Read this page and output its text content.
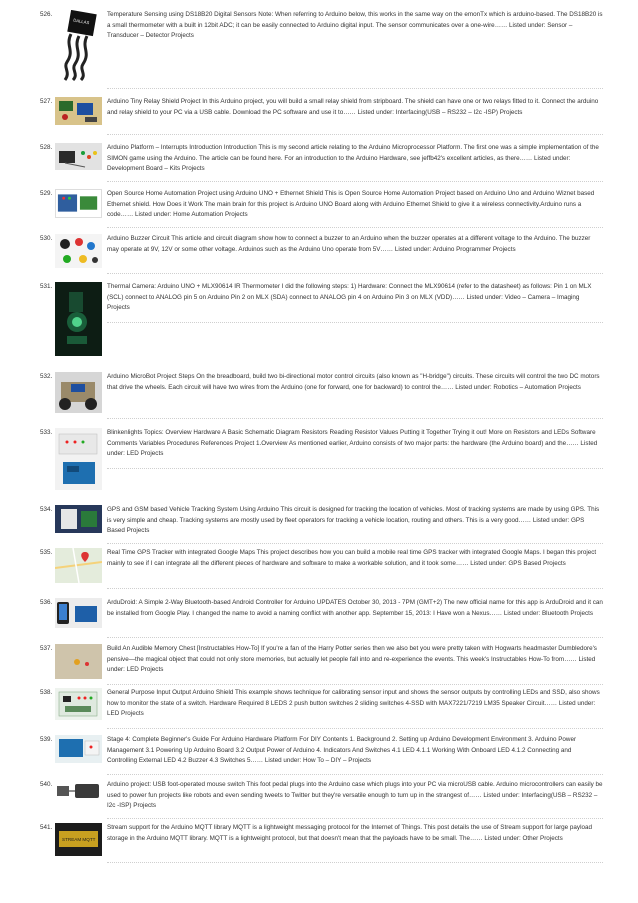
526.
DALLAS
Temperature Sensing using DS18B20 Digital Sensors Note: When referring to Arduino below, this works in the same way on the emonTx which is arduino-based. The DS18B20 is a small thermometer with a built in 12bit ADC; it can be easily connected to Arduino digital input. The sensor communicates over a one-wire…… Listed under: Sensor – Transducer – Detector Projects
527.	Arduino Tiny Relay Shield Project In this Arduino project, you will build a small relay shield from stripboard. The shield can have one or two relays fitted to it. Connect the arduino and relay shield to your PC via a USB cable. Download the PC software and use it to…… Listed under: Interfacing(USB – RS232 – I2c -ISP) Projects
528.	Arduino Platform – Interrupts Introduction Introduction This is my second article relating to the Arduino Microprocessor Platform. The first one was a simple implementation of the SIMON game using the Arduino. The article can be found here. For an introduction to the Arduino Hardware, see jeffb42's excellent articles, as there…… Listed under: Development Board – Kits Projects
529.	Open Source Home Automation Project using Arduino UNO + Ethernet Shield This is Open Source Home Automation Project based on Arduino Uno and Arduino Wiznet based Ethernet shield. How Does it Work The main brain for this project is Arduino UNO Board along with Arduino Ethernet Shield to give it a wireless connectivity.Arduino runs a code…… Listed under: Home Automation Projects
530.	Arduino Buzzer Circuit This article and circuit diagram show how to connect a buzzer to an Arduino when the buzzer operates at a different voltage to the Arduino. The buzzer may operate at 9V, 12V or some other voltage. Arduinos such as the Arduino Uno operate from 5V…… Listed under: Arduino Programmer Projects
531.	Thermal Camera: Arduino UNO + MLX90614 IR Thermometer I did the following steps: 1) Hardware: Connect the MLX90614 (refer to the datasheet) as follows: Pin 1 on MLX (SCL) connect to ANALOG pin 5 on Arduino Pin 2 on MLX (SDA) connect to ANALOG pin 4 on Arduino Pin 3 on MLX (VDD)…… Listed under: Video – Camera – Imaging Projects
532.	Arduino MicroBot Project Steps On the breadboard, build two bi-directional motor control circuits (also known as "H-bridge") circuits. These circuits will control the two DC motors that drive the wheels. Each circuit will have two wires from the Arduino (one for forward, one for backward) to control the…… Listed under: Robotics – Automation Projects
533.	Blinkenlights Topics: Overview Hardware A Basic Schematic Diagram Resistors Reading Resistor Values Putting it Together Trying it out! More on Resistors and LEDs Software Comments Variables Procedures References Project 1.Overview As mentioned earlier, Arduino consists of two major parts: the hardware (the Arduino board) and the…… Listed under: LED Projects
534.	GPS and GSM based Vehicle Tracking System Using Arduino This circuit is designed for tracking the location of vehicles. Most of tracking systems are made by using GPS. This is very simple and cheap. Tracking systems are mostly used by fleet operators for tracking a vehicle location, routing and others. This is a very good…… Listed under: GPS Based Projects
535.	Real Time GPS Tracker with integrated Google Maps This project describes how you can build a mobile real time GPS tracker with integrated Google Maps. I began this project mainly to see if I can integrate all the different pieces of hardware and software to make a workable solution, and it took some…… Listed under: GPS Based Projects
536.	ArduDroid: A Simple 2-Way Bluetooth-based Android Controller for Arduino UPDATES October 30, 2013 - 7PM (GMT+2) The new official name for this app is ArduDroid and it can be installed from Google Play. I changed the name to avoid a naming conflict with another app. September 15, 2013: I Have won a Nexus…… Listed under: Bluetooth Projects
537.	Build An Audible Memory Chest [Instructables How-To] If you're a fan of the Harry Potter series then we also bet you were pretty taken with Hogwarts headmaster Dumbledore's pensive—the magical object that could not only store memories, but actually let people fall into and re-experience the events. This week's Instructables How-To from…… Listed under: LED Projects
538.	General Purpose Input Output Arduino Shield This example shows technique for calibrating sensor input and shows the sensor outputs by controlling LEDs and SSD, also shows how to monitor the state of a switch. Hardware Required 8 LEDS 2 push button switches 2 sliding switches 4-SSD with MAX7221/7219 LM35 Speaker Circuit…… Listed under: LED Projects
539.	Stage 4: Complete Beginner's Guide For Arduino Hardware Platform For DIY Contents 1. Background 2. Setting up Arduino Development Environment 3. Arduino Power Management 3.1 Powering Up Arduino Board 3.2 Output Power of Arduino 4. Indicators And Switches 4.1 LED 4.1.1 Working With Onboard LED 4.1.2 Connecting and Controlling External LED 4.2 Buzzer 4.3 Switches 5…… Listed under: How To – DIY – Projects
540.	Arduino project: USB foot-operated mouse switch This foot pedal plugs into the Arduino case which plugs into your PC via microUSB cable. Arduino microcontrollers can easily be used to power fun projects like robots and even sending tweets to Twitter but they're versatile enough to turn up in the strangest of…… Listed under: Interfacing(USB – RS232 – I2c -ISP) Projects
541.
STREAM MQTT
Stream support for the Arduino MQTT library MQTT is a lightweight messaging protocol for the Internet of Things. This post details the use of Stream support for large payload storage in the Arduino MQTT library. MQTT is a lightweight protocol, but that doesn't mean that the payloads have to be small. The…… Listed under: Other Projects
